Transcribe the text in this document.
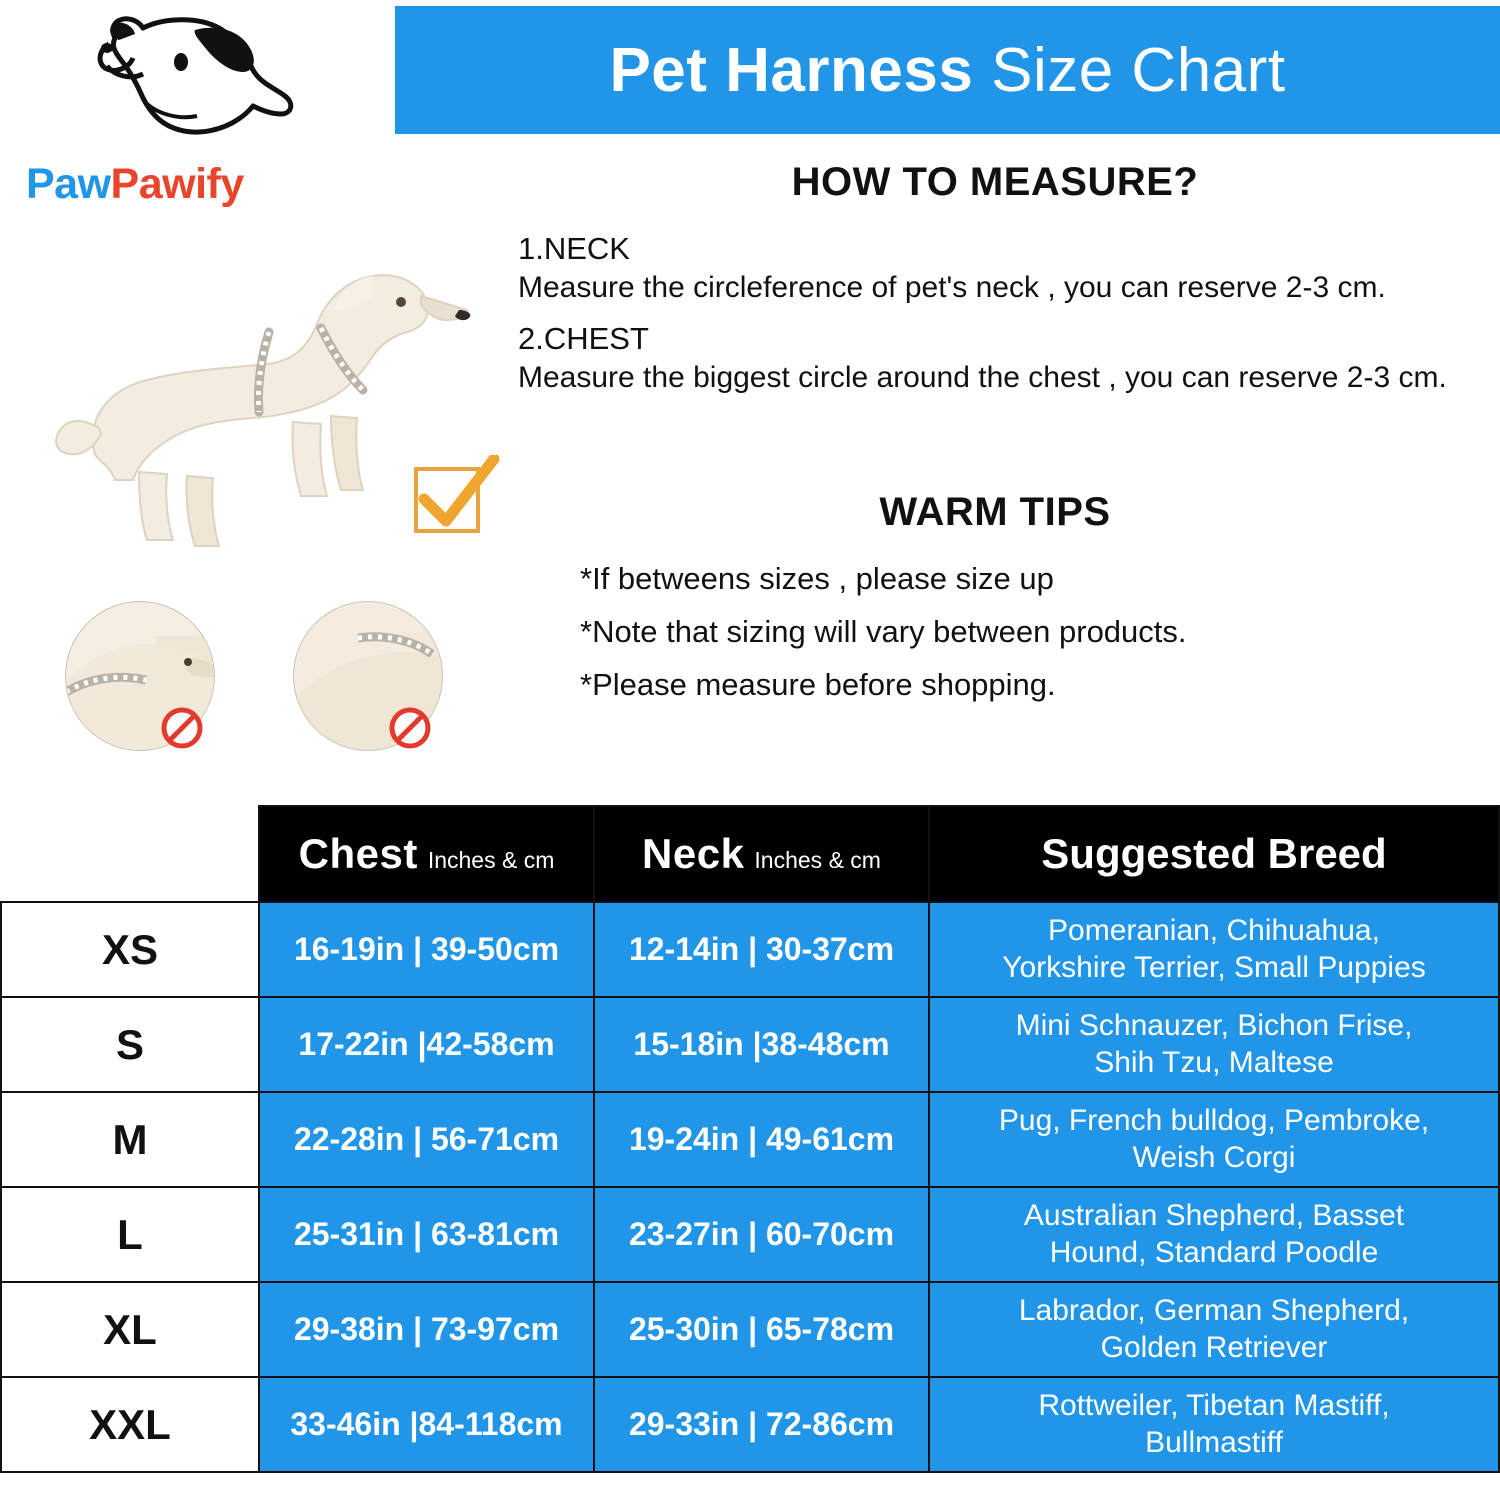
Pet Harness Size Chart
PawPawify	HOW TO MEASURE?
1.NECK
Measure the circleference of pet's neck , you can reserve 2-3 cm.
2.CHEST
Measure the biggest circle around the chest , you can reserve 2-3 cm.
WARM TIPS
*If betweens sizes , please size up
*Note that sizing will vary between products.
*Please measure before shopping.
	Chest Inches & cm	Neck Inches & cm	Suggested Breed
XS	16-19in | 39-50cm	12-14in | 30-37cm	Pomeranian, Chihuahua,
Yorkshire Terrier, Small Puppies

S	17-22in |42-58cm	15-18in |38-48cm	Mini Schnauzer, Bichon Frise,
Shih Tzu, Maltese

M	22-28in | 56-71cm	19-24in | 49-61cm	Pug, French bulldog, Pembroke,
Weish Corgi

L	25-31in | 63-81cm	23-27in | 60-70cm	Australian Shepherd, Basset
Hound, Standard Poodle

XL	29-38in | 73-97cm	25-30in | 65-78cm	Labrador, German Shepherd,
Golden Retriever

XXL	33-46in |84-118cm	29-33in | 72-86cm	Rottweiler, Tibetan Mastiff,
Bullmastiff
